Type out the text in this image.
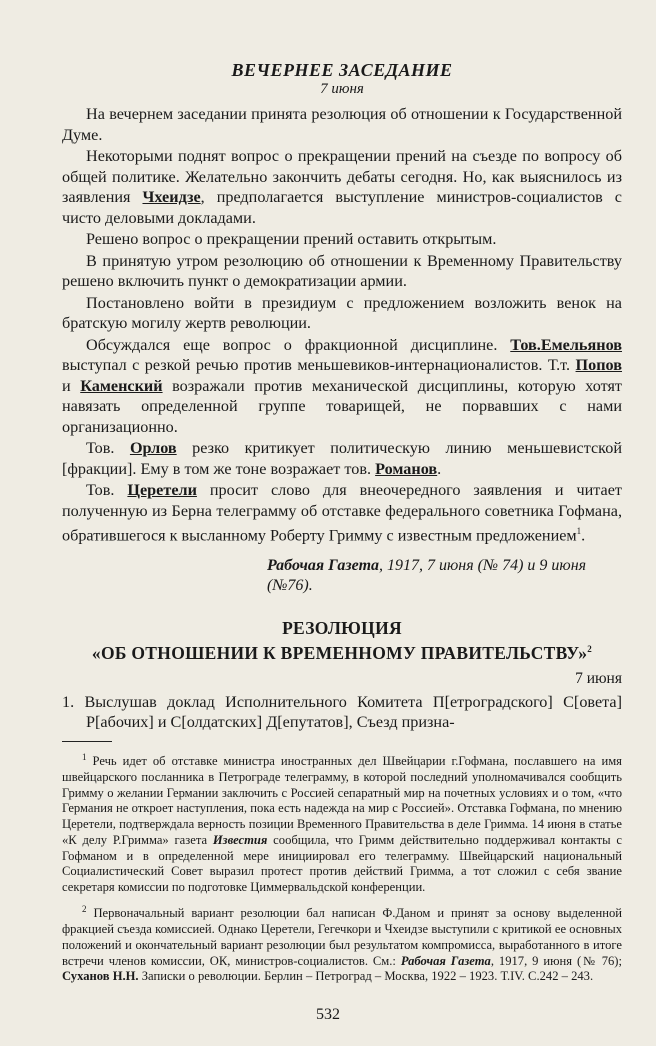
ВЕЧЕРНЕЕ ЗАСЕДАНИЕ

7 июня

На вечернем заседании принята резолюция об отношении к Государственной Думе.

Некоторыми поднят вопрос о прекращении прений на съезде по вопросу об общей политике. Желательно закончить дебаты сегодня. Но, как выяснилось из заявления Чхеидзе, предполагается выступление министров-социалистов с чисто деловыми докладами.

Решено вопрос о прекращении прений оставить открытым.

В принятую утром резолюцию об отношении к Временному Правительству решено включить пункт о демократизации армии.

Постановлено войти в президиум с предложением возложить венок на братскую могилу жертв революции.

Обсуждался еще вопрос о фракционной дисциплине. Тов.Емельянов выступал с резкой речью против меньшевиков-интернационалистов. Т.т. Попов и Каменский возражали против механической дисциплины, которую хотят навязать определенной группе товарищей, не порвавших с нами организационно.

Тов. Орлов резко критикует политическую линию меньшевистской [фракции]. Ему в том же тоне возражает тов. Романов.

Тов. Церетели просит слово для внеочередного заявления и читает полученную из Берна телеграмму об отставке федерального советника Гофмана, обратившегося к высланному Роберту Гримму с известным предложением$^1$.

Рабочая Газета, 1917, 7 июня (№ 74) и 9 июня (№76).

РЕЗОЛЮЦИЯ
«ОБ ОТНОШЕНИИ К ВРЕМЕННОМУ ПРАВИТЕЛЬСТВУ»$^2$
7 июня

1. Выслушав доклад Исполнительного Комитета П[етроградского] С[овета] Р[абочих] и С[олдатских] Д[епутатов], Съезд призна-

$^1$ Речь идет об отставке министра иностранных дел Швейцарии г.Гофмана, пославшего на имя швейцарского посланника в Петрограде телеграмму, в которой последний уполномачивался сообщить Гримму о желании Германии заключить с Россией сепаратный мир на почетных условиях и о том, «что Германия не откроет наступления, пока есть надежда на мир с Россией». Отставка Гофмана, по мнению Церетели, подтверждала верность позиции Временного Правительства в деле Гримма. 14 июня в статье «К делу Р.Гримма» газета Известия сообщила, что Гримм действительно поддерживал контакты с Гофманом и в определенной мере инициировал его телеграмму. Швейцарский национальный Социалистический Совет выразил протест против действий Гримма, а тот сложил с себя звание секретаря комиссии по подготовке Циммервальдской конференции.

$^2$ Первоначальный вариант резолюции бал написан Ф.Даном и принят за основу выделенной фракцией съезда комиссией. Однако Церетели, Гегечкори и Чхеидзе выступили с критикой ее основных положений и окончательный вариант резолюции был результатом компромисса, выработанного в итоге встречи членов комиссии, ОК, министров-социалистов. См.: Рабочая Газета, 1917, 9 июня (№ 76); Суханов Н.Н. Записки о революции. Берлин – Петроград – Москва, 1922 – 1923. Т.IV. С.242 – 243.

532
